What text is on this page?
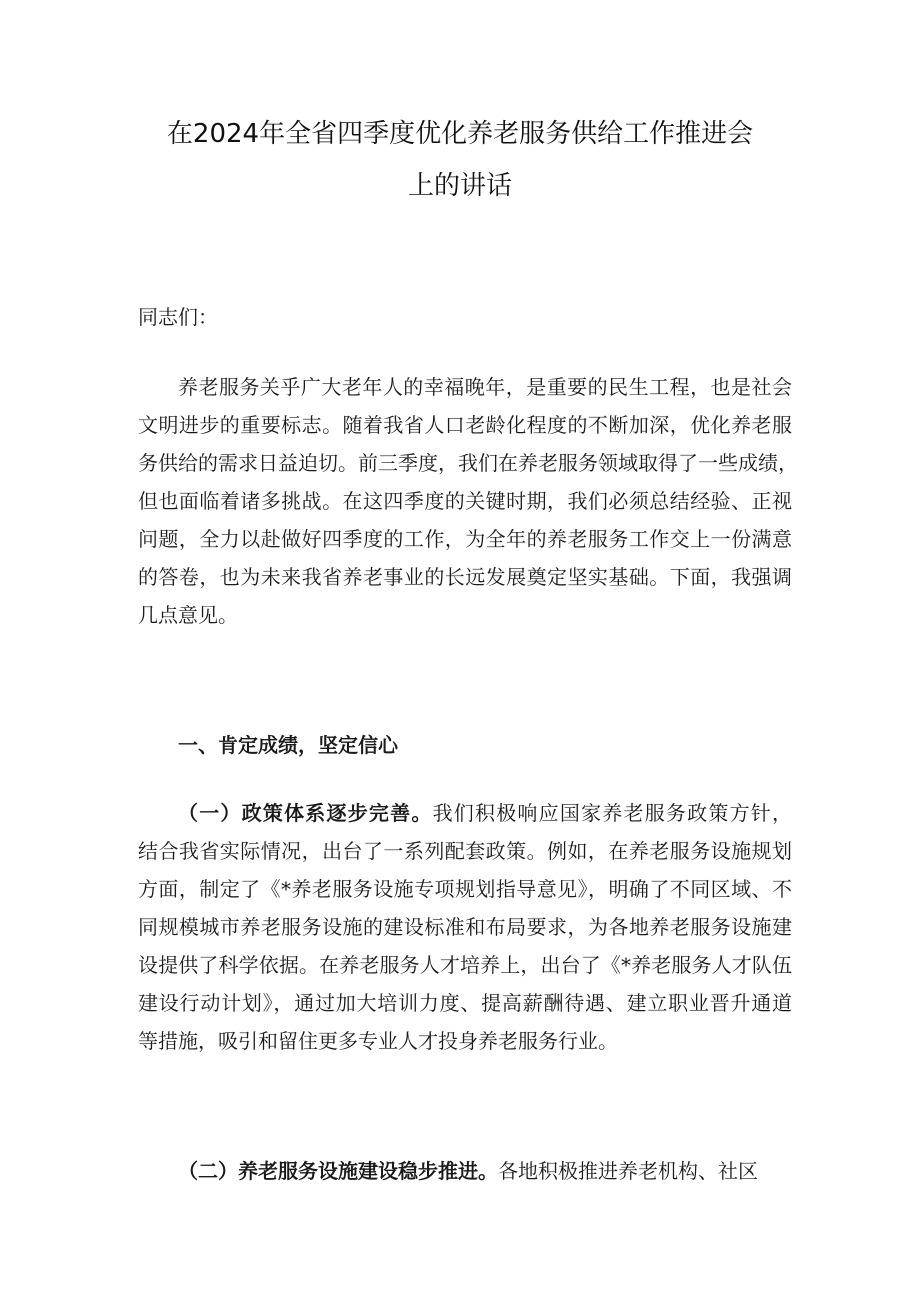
在2024年全省四季度优化养老服务供给工作推进会
上的讲话
同志们：
养老服务关乎广大老年人的幸福晚年，是重要的民生工程，也是社会
文明进步的重要标志。随着我省人口老龄化程度的不断加深，优化养老服
务供给的需求日益迫切。前三季度，我们在养老服务领域取得了一些成绩，
但也面临着诸多挑战。在这四季度的关键时期，我们必须总结经验、正视
问题，全力以赴做好四季度的工作，为全年的养老服务工作交上一份满意
的答卷，也为未来我省养老事业的长远发展奠定坚实基础。下面，我强调
几点意见。
一、肯定成绩，坚定信心
（一）政策体系逐步完善。我们积极响应国家养老服务政策方针，
结合我省实际情况，出台了一系列配套政策。例如，在养老服务设施规划
方面，制定了《*养老服务设施专项规划指导意见》，明确了不同区域、不
同规模城市养老服务设施的建设标准和布局要求，为各地养老服务设施建
设提供了科学依据。在养老服务人才培养上，出台了《*养老服务人才队伍
建设行动计划》，通过加大培训力度、提高薪酬待遇、建立职业晋升通道
等措施，吸引和留住更多专业人才投身养老服务行业。
（二）养老服务设施建设稳步推进。各地积极推进养老机构、社区
